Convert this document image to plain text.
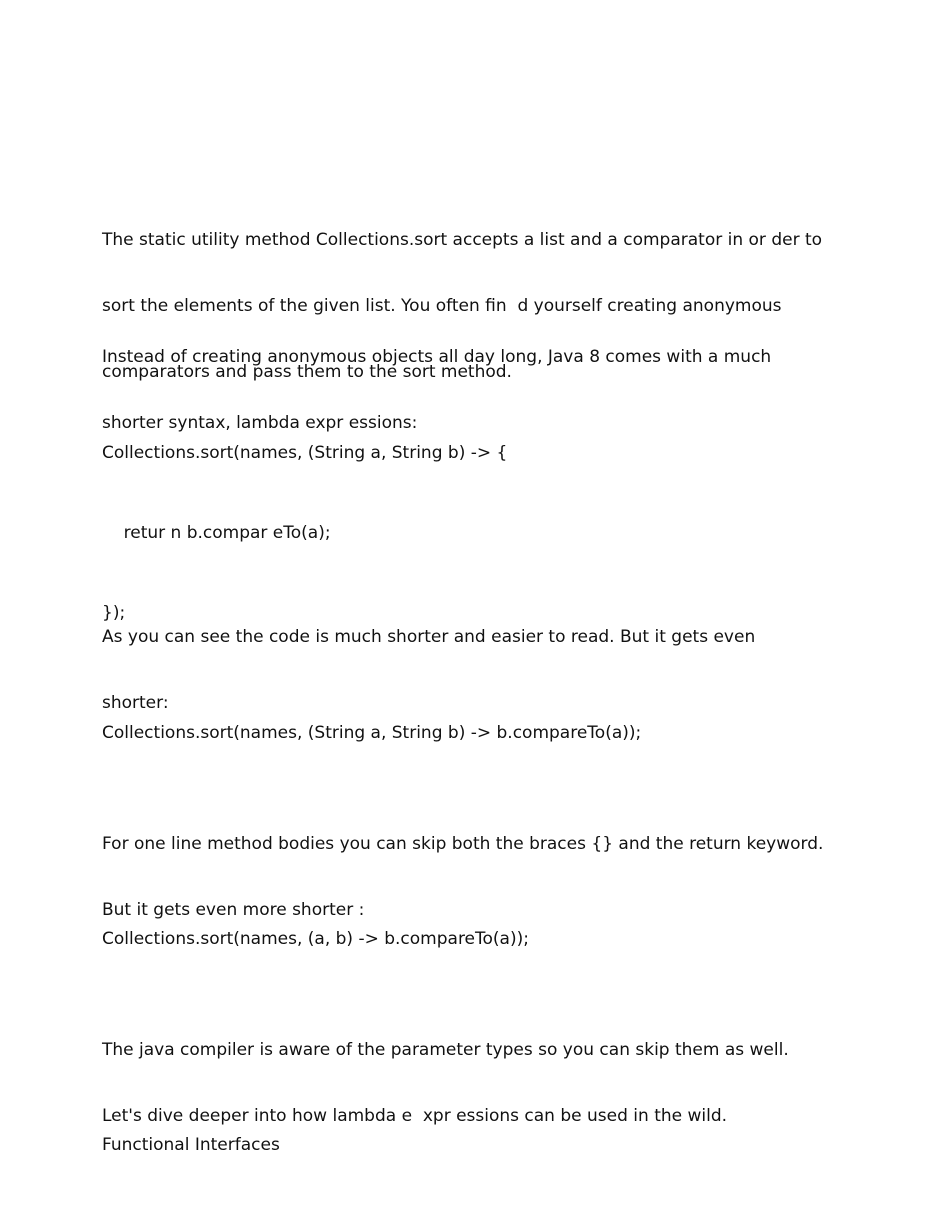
The static utility method Collections.sort accepts a list and a comparator in or der to

sort the elements of the given list. You often fin  d yourself creating anonymous

comparators and pass them to the sort method.

Instead of creating anonymous objects all day long, Java 8 comes with a much

shorter syntax, lambda expr essions:

Collections.sort(names, (String a, String b) -> {

retur n b.compar eTo(a);

});

As you can see the code is much shorter and easier to read. But it gets even

shorter:

Collections.sort(names, (String a, String b) -> b.compareTo(a));

For one line method bodies you can skip both the braces {} and the return keyword.

But it gets even more shorter :

Collections.sort(names, (a, b) -> b.compareTo(a));

The java compiler is aware of the parameter types so you can skip them as well.

Let's dive deeper into how lambda e  xpr essions can be used in the wild.

Functional Interfaces
